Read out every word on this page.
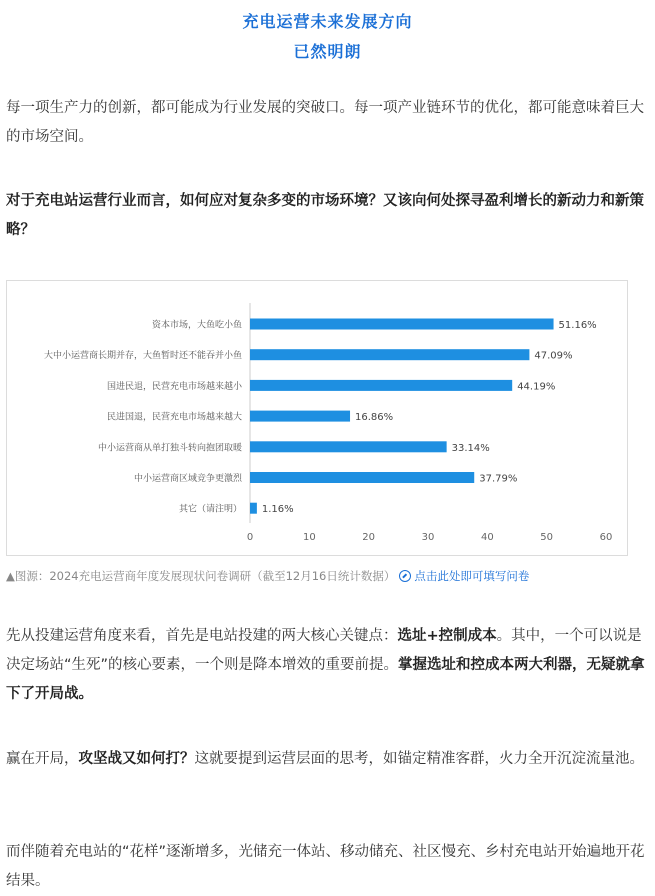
充电运营未来发展方向
已然明朗
每一项生产力的创新，都可能成为行业发展的突破口。每一项产业链环节的优化，都可能意味着巨大的市场空间。
对于充电站运营行业而言，如何应对复杂多变的市场环境？又该向何处探寻盈利增长的新动力和新策略？
资本市场，大鱼吃小鱼	51.16%
大中小运营商长期并存，大鱼暂时还不能吞并小鱼	47.09%
国进民退，民营充电市场越来越小	44.19%
民进国退，民营充电市场越来越大	16.86%
中小运营商从单打独斗转向抱团取暖	33.14%
中小运营商区域竞争更激烈	37.79%
其它（请注明） 1.16%
0	10	20	30	40	50	60
▲图源：2024充电运营商年度发展现状问卷调研（截至12月16日统计数据） 点击此处即可填写问卷
先从投建运营角度来看，首先是电站投建的两大核心关键点：选址+控制成本。其中，一个可以说是决定场站“生死”的核心要素，一个则是降本增效的重要前提。掌握选址和控成本两大利器，无疑就拿下了开局战。
赢在开局，攻坚战又如何打？这就要提到运营层面的思考，如锚定精准客群，火力全开沉淀流量池。
而伴随着充电站的“花样”逐渐增多，光储充一体站、移动储充、社区慢充、乡村充电站开始遍地开花结果。
